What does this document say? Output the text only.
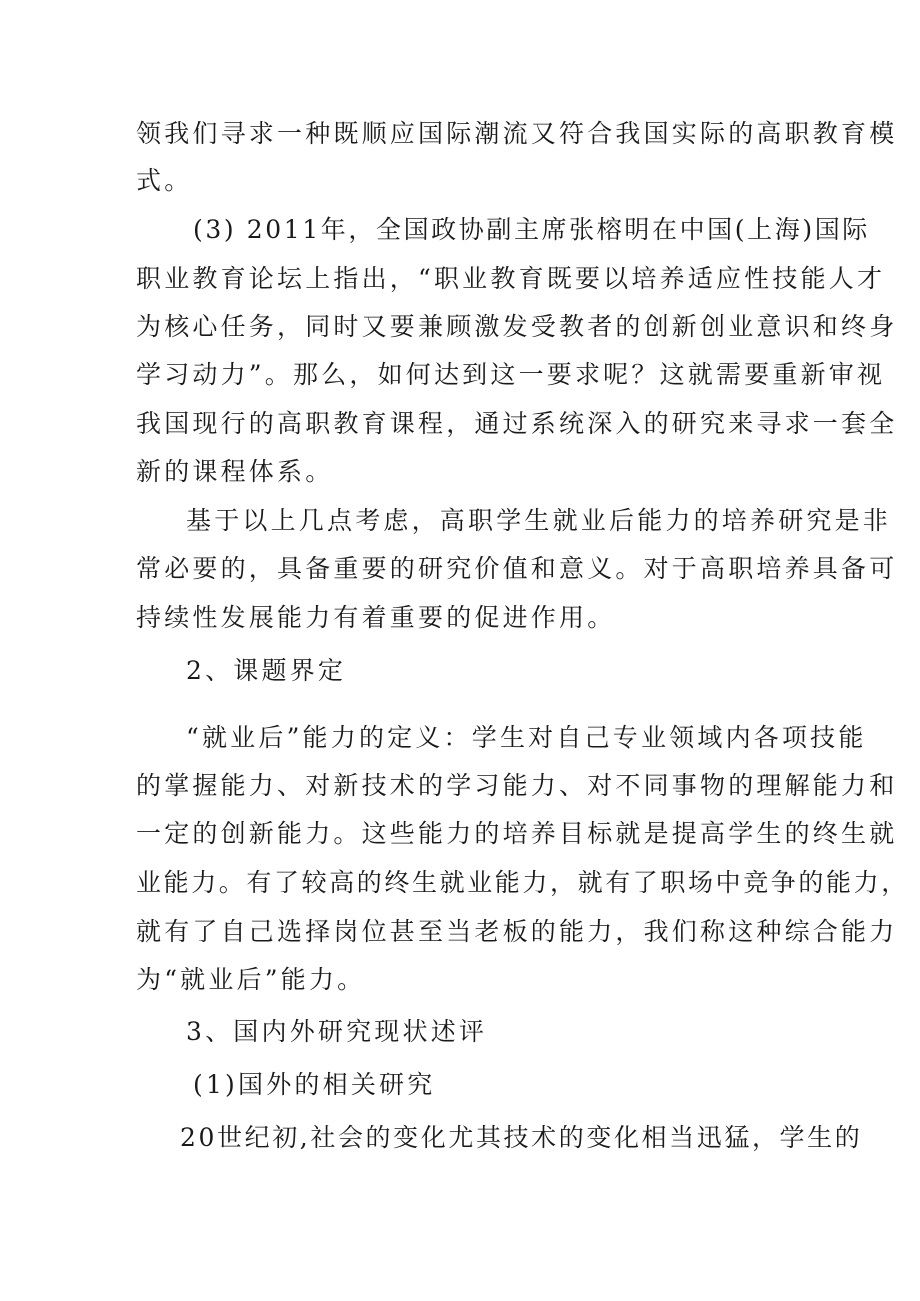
领我们寻求一种既顺应国际潮流又符合我国实际的高职教育模

式。

(3) 2011年，全国政协副主席张榕明在中国(上海)国际

职业教育论坛上指出，“职业教育既要以培养适应性技能人才

为核心任务，同时又要兼顾激发受教者的创新创业意识和终身

学习动力”。那么，如何达到这一要求呢？这就需要重新审视

我国现行的高职教育课程，通过系统深入的研究来寻求一套全

新的课程体系。

基于以上几点考虑，高职学生就业后能力的培养研究是非

常必要的，具备重要的研究价值和意义。对于高职培养具备可

持续性发展能力有着重要的促进作用。

2、课题界定

“就业后”能力的定义：学生对自己专业领域内各项技能

的掌握能力、对新技术的学习能力、对不同事物的理解能力和

一定的创新能力。这些能力的培养目标就是提高学生的终生就

业能力。有了较高的终生就业能力，就有了职场中竞争的能力，

就有了自己选择岗位甚至当老板的能力，我们称这种综合能力

为“就业后”能力。

3、国内外研究现状述评

(1)国外的相关研究

20世纪初,社会的变化尤其技术的变化相当迅猛，学生的
